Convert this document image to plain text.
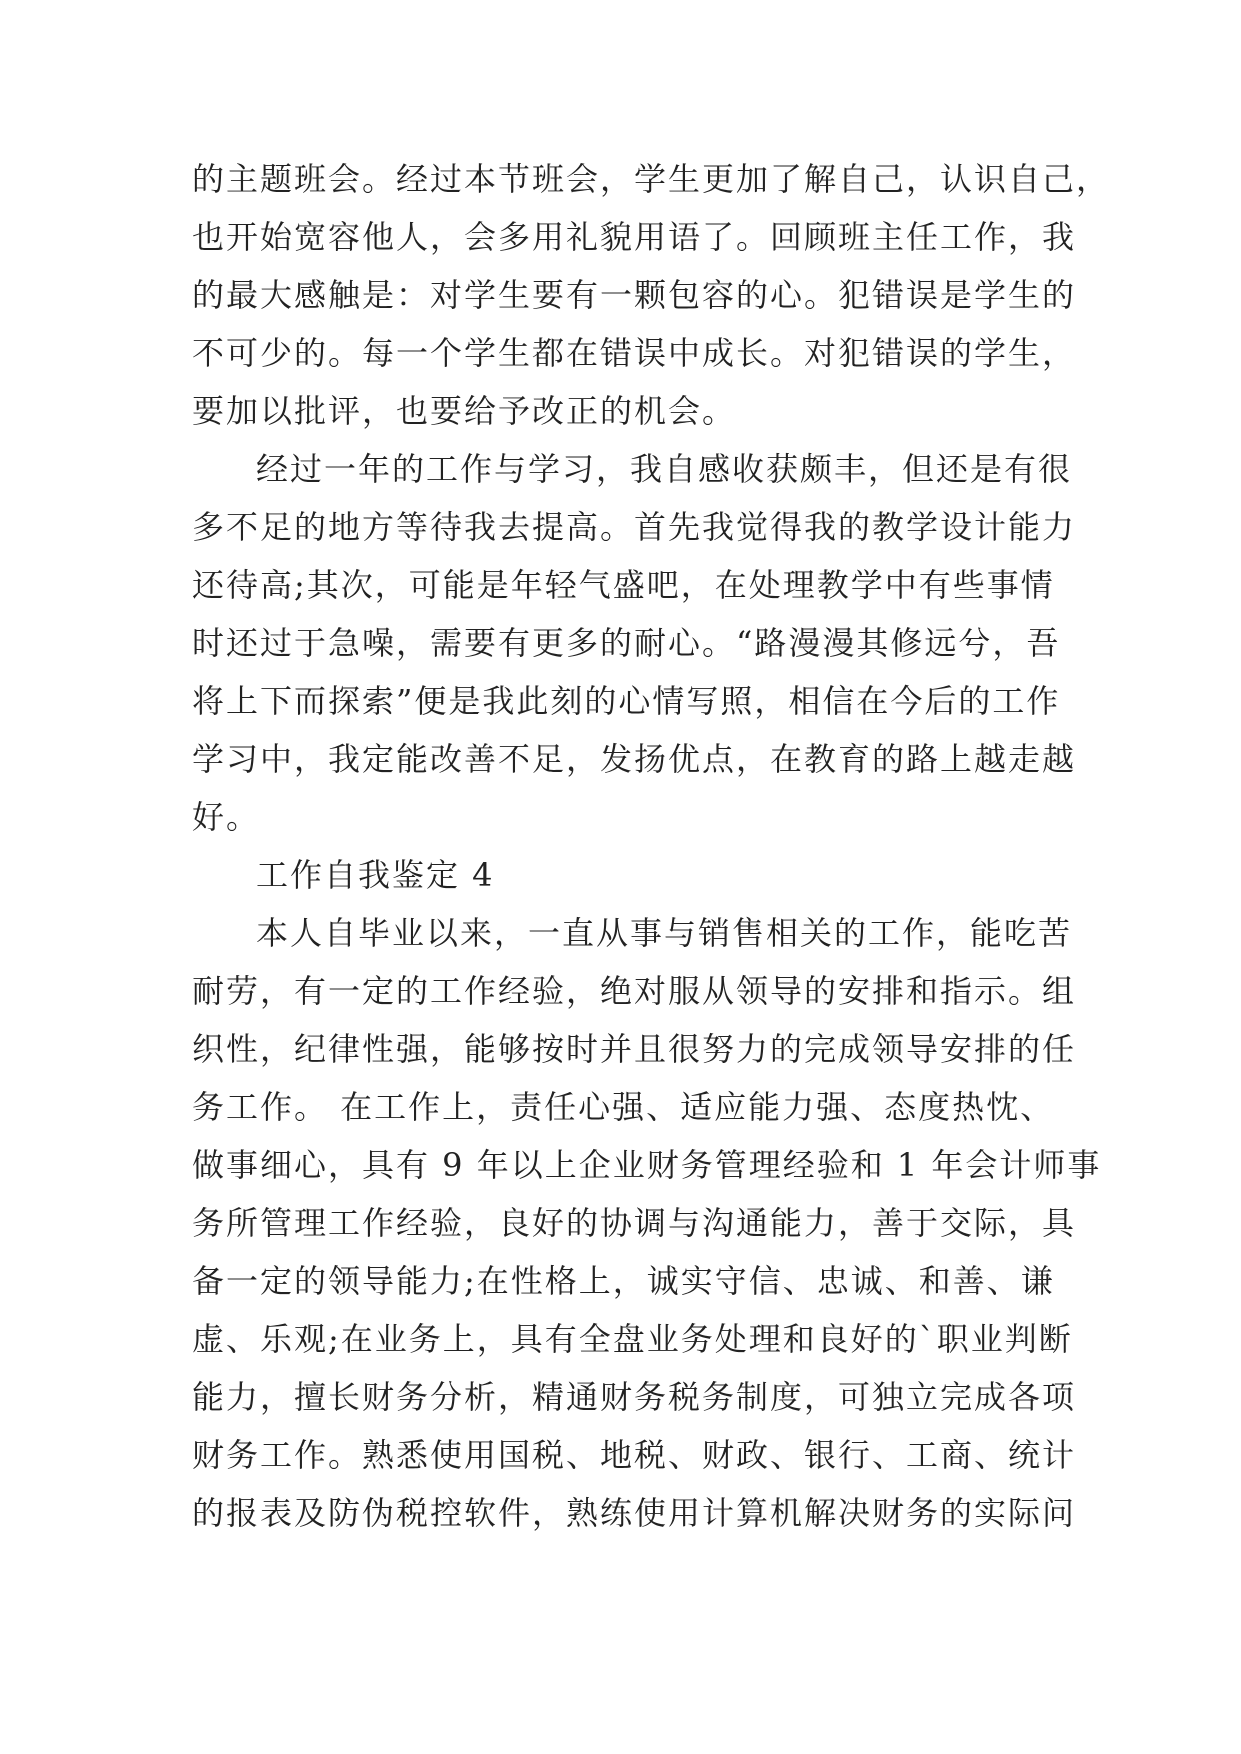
的主题班会。经过本节班会，学生更加了解自己，认识自己，
也开始宽容他人，会多用礼貌用语了。回顾班主任工作，我
的最大感触是：对学生要有一颗包容的心。犯错误是学生的
不可少的。每一个学生都在错误中成长。对犯错误的学生，
要加以批评，也要给予改正的机会。
经过一年的工作与学习，我自感收获颇丰，但还是有很
多不足的地方等待我去提高。首先我觉得我的教学设计能力
还待高;其次，可能是年轻气盛吧，在处理教学中有些事情
时还过于急噪，需要有更多的耐心。“路漫漫其修远兮，吾
将上下而探索”便是我此刻的心情写照，相信在今后的工作
学习中，我定能改善不足，发扬优点，在教育的路上越走越
好。
工作自我鉴定 4
本人自毕业以来，一直从事与销售相关的工作，能吃苦
耐劳，有一定的工作经验，绝对服从领导的安排和指示。组
织性，纪律性强，能够按时并且很努力的完成领导安排的任
务工作。 在工作上，责任心强、适应能力强、态度热忱、
做事细心，具有 9 年以上企业财务管理经验和 1 年会计师事
务所管理工作经验，良好的协调与沟通能力，善于交际，具
备一定的领导能力;在性格上，诚实守信、忠诚、和善、谦
虚、乐观;在业务上，具有全盘业务处理和良好的`职业判断
能力，擅长财务分析，精通财务税务制度，可独立完成各项
财务工作。熟悉使用国税、地税、财政、银行、工商、统计
的报表及防伪税控软件，熟练使用计算机解决财务的实际问
